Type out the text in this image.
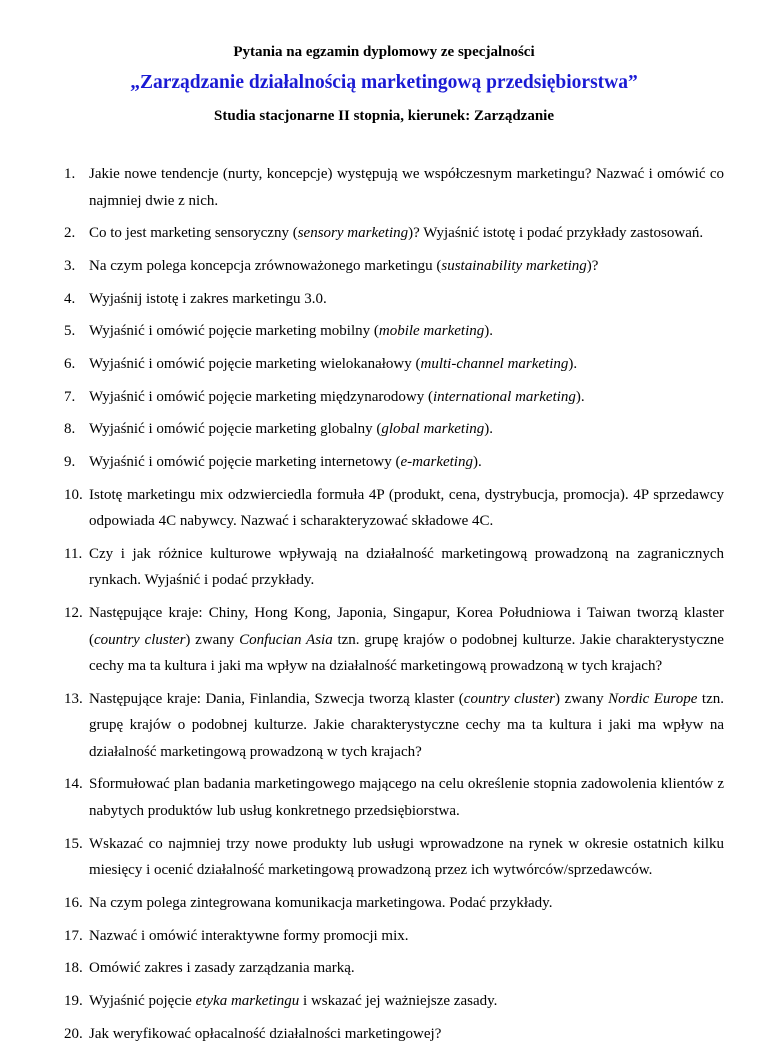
Pytania na egzamin dyplomowy ze specjalności
„Zarządzanie działalnością marketingową przedsiębiorstwa”
Studia stacjonarne II stopnia, kierunek: Zarządzanie
1. Jakie nowe tendencje (nurty, koncepcje) występują we współczesnym marketingu? Nazwać i omówić co najmniej dwie z nich.
2. Co to jest marketing sensoryczny (sensory marketing)? Wyjaśnić istotę i podać przykłady zastosowań.
3. Na czym polega koncepcja zrównoważonego marketingu (sustainability marketing)?
4. Wyjaśnij istotę i zakres marketingu 3.0.
5. Wyjaśnić i omówić pojęcie marketing mobilny (mobile marketing).
6. Wyjaśnić i omówić pojęcie marketing wielokanałowy (multi-channel marketing).
7. Wyjaśnić i omówić pojęcie marketing międzynarodowy (international marketing).
8. Wyjaśnić i omówić pojęcie marketing globalny (global marketing).
9. Wyjaśnić i omówić pojęcie marketing internetowy (e-marketing).
10. Istotę marketingu mix odzwierciedla formuła 4P (produkt, cena, dystrybucja, promocja). 4P sprzedawcy odpowiada 4C nabywcy. Nazwać i scharakteryzować składowe 4C.
11. Czy i jak różnice kulturowe wpływają na działalność marketingową prowadzoną na zagranicznych rynkach. Wyjaśnić i podać przykłady.
12. Następujące kraje: Chiny, Hong Kong, Japonia, Singapur, Korea Południowa i Taiwan tworzą klaster (country cluster) zwany Confucian Asia tzn. grupę krajów o podobnej kulturze. Jakie charakterystyczne cechy ma ta kultura i jaki ma wpływ na działalność marketingową prowadzoną w tych krajach?
13. Następujące kraje: Dania, Finlandia, Szwecja tworzą klaster (country cluster) zwany Nordic Europe tzn. grupę krajów o podobnej kulturze. Jakie charakterystyczne cechy ma ta kultura i jaki ma wpływ na działalność marketingową prowadzoną w tych krajach?
14. Sformułować plan badania marketingowego mającego na celu określenie stopnia zadowolenia klientów z nabytych produktów lub usług konkretnego przedsiębiorstwa.
15. Wskazać co najmniej trzy nowe produkty lub usługi wprowadzone na rynek w okresie ostatnich kilku miesięcy i ocenić działalność marketingową prowadzoną przez ich wytwórców/sprzedawców.
16. Na czym polega zintegrowana komunikacja marketingowa. Podać przykłady.
17. Nazwać i omówić interaktywne formy promocji mix.
18. Omówić zakres i zasady zarządzania marką.
19. Wyjaśnić pojęcie etyka marketingu i wskazać jej ważniejsze zasady.
20. Jak weryfikować opłacalność działalności marketingowej?
